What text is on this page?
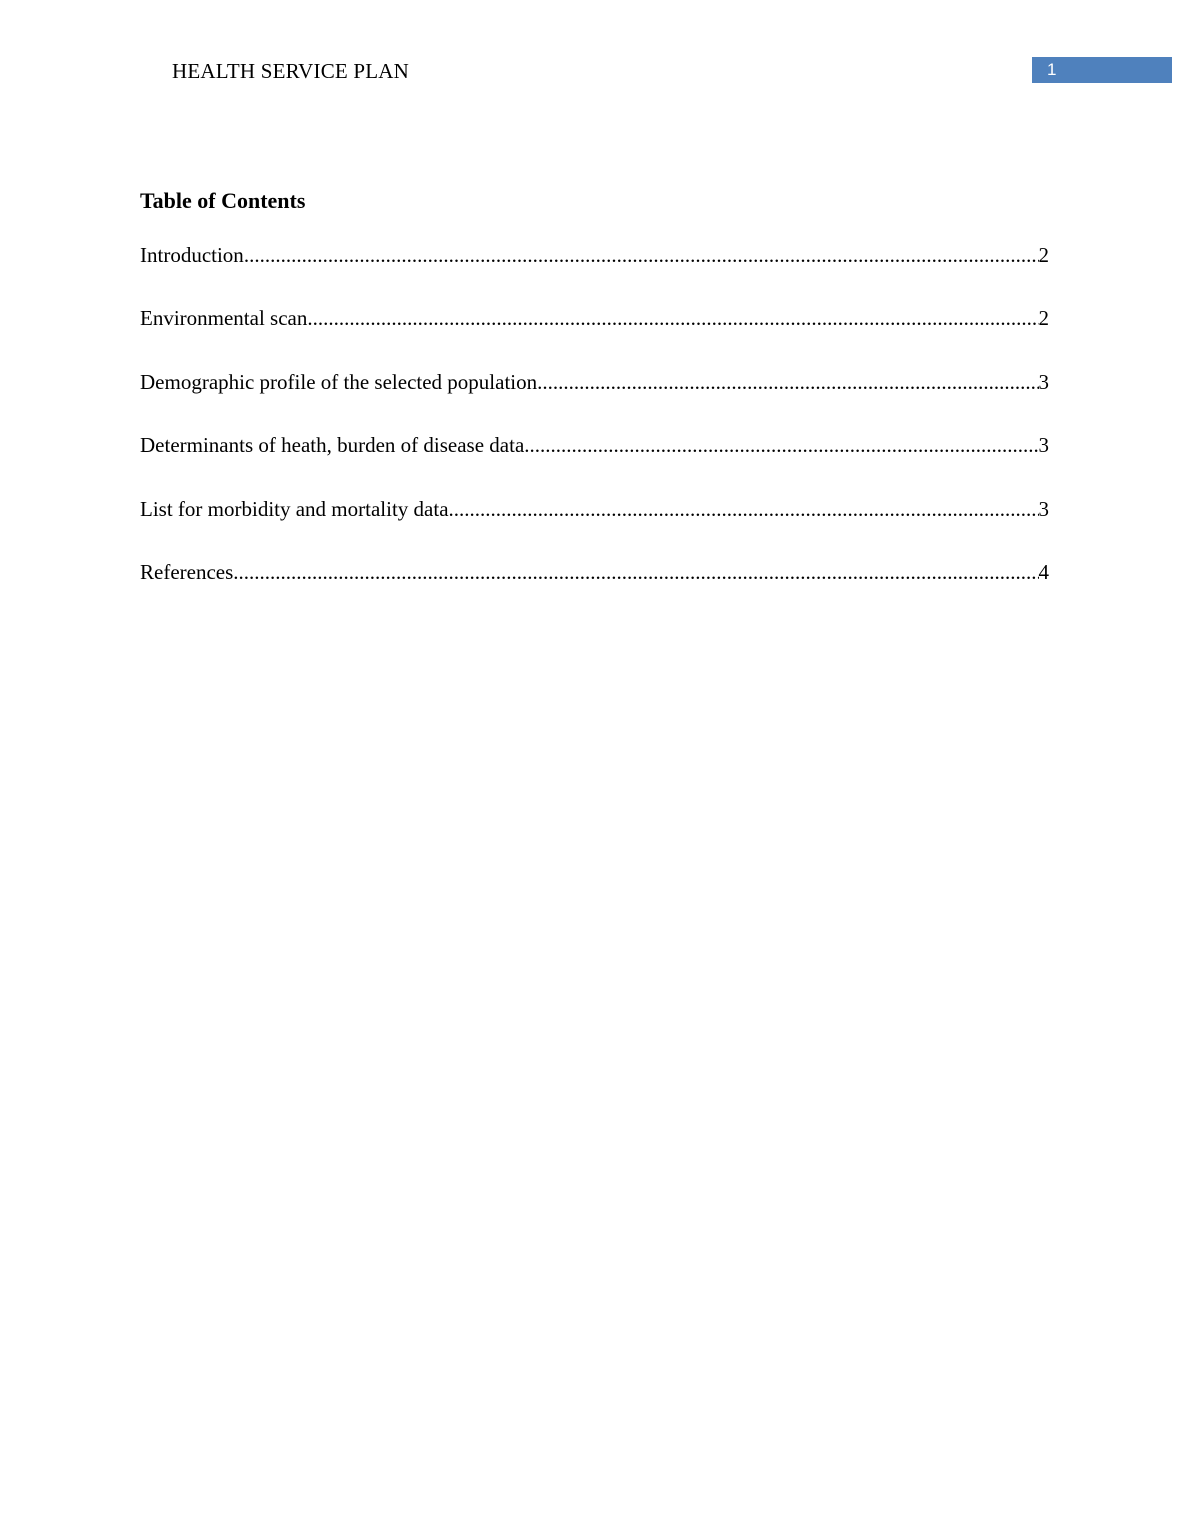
HEALTH SERVICE PLAN	1
Table of Contents
Introduction .....	2
Environmental scan .....	2
Demographic profile of the selected population .....	3
Determinants of heath, burden of disease data .....	3
List for morbidity and mortality data .....	3
References .....	4
